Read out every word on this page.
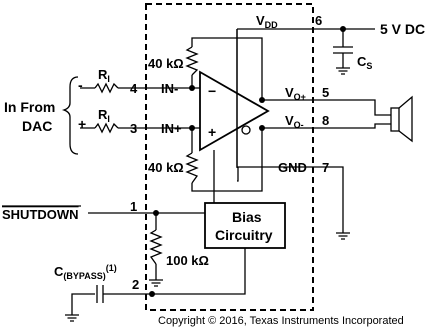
6
$V_{DD}$	5 V DC
$C_S$
In From
DAC
-
+
$R_I$
$R_I$
4
3
IN-
IN+
40 kΩ
40 kΩ
−
+
$V_{O+}$
$V_{O-}$
5
8
GND 7
SHUTDOWN
1
Bias
Circuitry
100 kΩ
$C_{(BYPASS)}^{(1)}$
2
Copyright © 2016, Texas Instruments Incorporated
